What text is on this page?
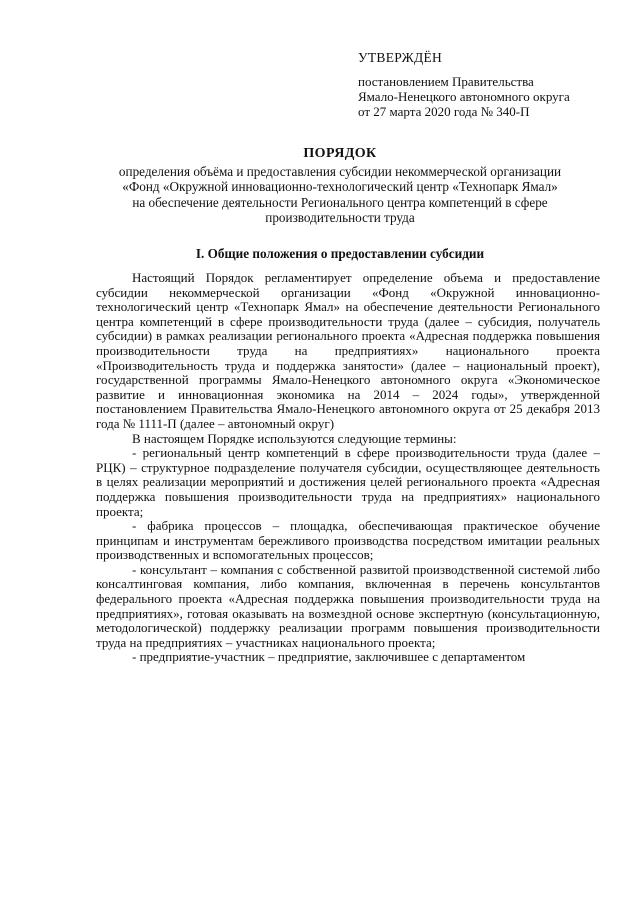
УТВЕРЖДЁН
постановлением Правительства
Ямало-Ненецкого автономного округа
от 27 марта 2020 года № 340-П
ПОРЯДОК
определения объёма и предоставления субсидии некоммерческой организации
«Фонд «Окружной инновационно-технологический центр «Технопарк Ямал»
на обеспечение деятельности Регионального центра компетенций в сфере
производительности труда
I. Общие положения о предоставлении субсидии

Настоящий Порядок регламентирует определение объема и предоставление субсидии некоммерческой организации «Фонд «Окружной инновационно-технологический центр «Технопарк Ямал» на обеспечение деятельности Регионального центра компетенций в сфере производительности труда (далее – субсидия, получатель субсидии) в рамках реализации регионального проекта «Адресная поддержка повышения производительности труда на предприятиях» национального проекта «Производительность труда и поддержка занятости» (далее – национальный проект), государственной программы Ямало-Ненецкого автономного округа «Экономическое развитие и инновационная экономика на 2014 – 2024 годы», утвержденной постановлением Правительства Ямало-Ненецкого автономного округа от 25 декабря 2013 года № 1111-П (далее – автономный округ)

В настоящем Порядке используются следующие термины:

- региональный центр компетенций в сфере производительности труда (далее – РЦК) – структурное подразделение получателя субсидии, осуществляющее деятельность в целях реализации мероприятий и достижения целей регионального проекта «Адресная поддержка повышения производительности труда на предприятиях» национального проекта;

- фабрика процессов – площадка, обеспечивающая практическое обучение принципам и инструментам бережливого производства посредством имитации реальных производственных и вспомогательных процессов;

- консультант – компания с собственной развитой производственной системой либо консалтинговая компания, либо компания, включенная в перечень консультантов федерального проекта «Адресная поддержка повышения производительности труда на предприятиях», готовая оказывать на возмездной основе экспертную (консультационную, методологической) поддержку реализации программ повышения производительности труда на предприятиях – участниках национального проекта;

- предприятие-участник – предприятие, заключившее с департаментом
